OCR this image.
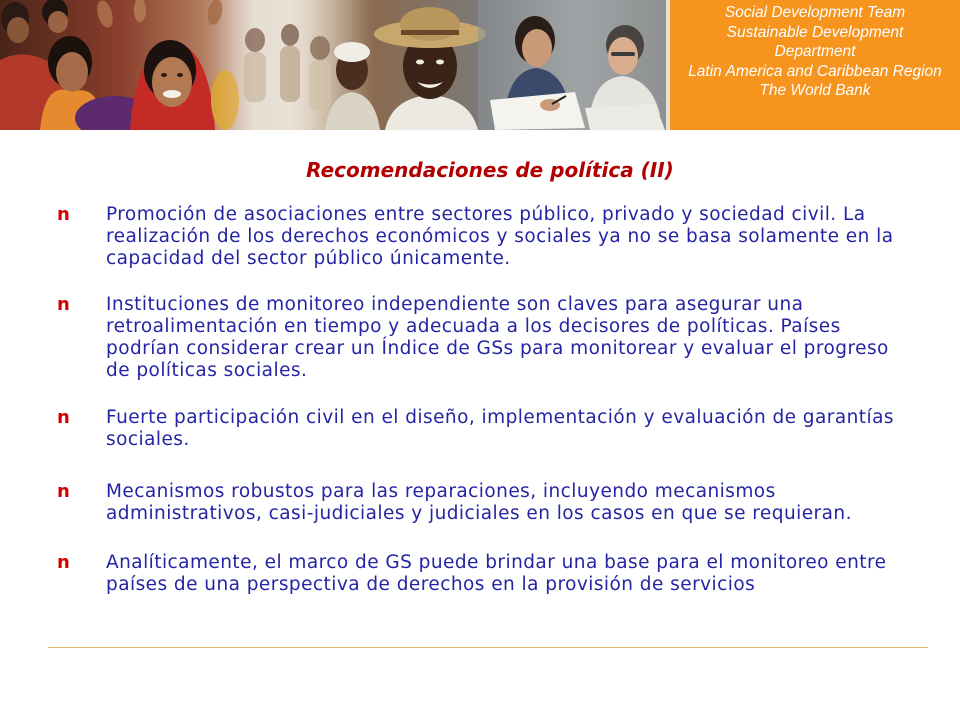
Social Development Team
Sustainable Development
Department
Latin America and Caribbean Region
The World Bank
Recomendaciones de política (II)
n Promoción de asociaciones entre sectores público, privado y sociedad civil. La
realización de los derechos económicos y sociales ya no se basa solamente en la
capacidad del sector público únicamente.
n Instituciones de monitoreo independiente son claves para asegurar una
retroalimentación en tiempo y adecuada a los decisores de políticas. Países
podrían considerar crear un Índice de GSs para monitorear y evaluar el progreso
de políticas sociales.
n Fuerte participación civil en el diseño, implementación y evaluación de garantías
sociales.
n Mecanismos robustos para las reparaciones, incluyendo mecanismos
administrativos, casi-judiciales y judiciales en los casos en que se requieran.
n Analíticamente, el marco de GS puede brindar una base para el monitoreo entre
países de una perspectiva de derechos en la provisión de servicios
